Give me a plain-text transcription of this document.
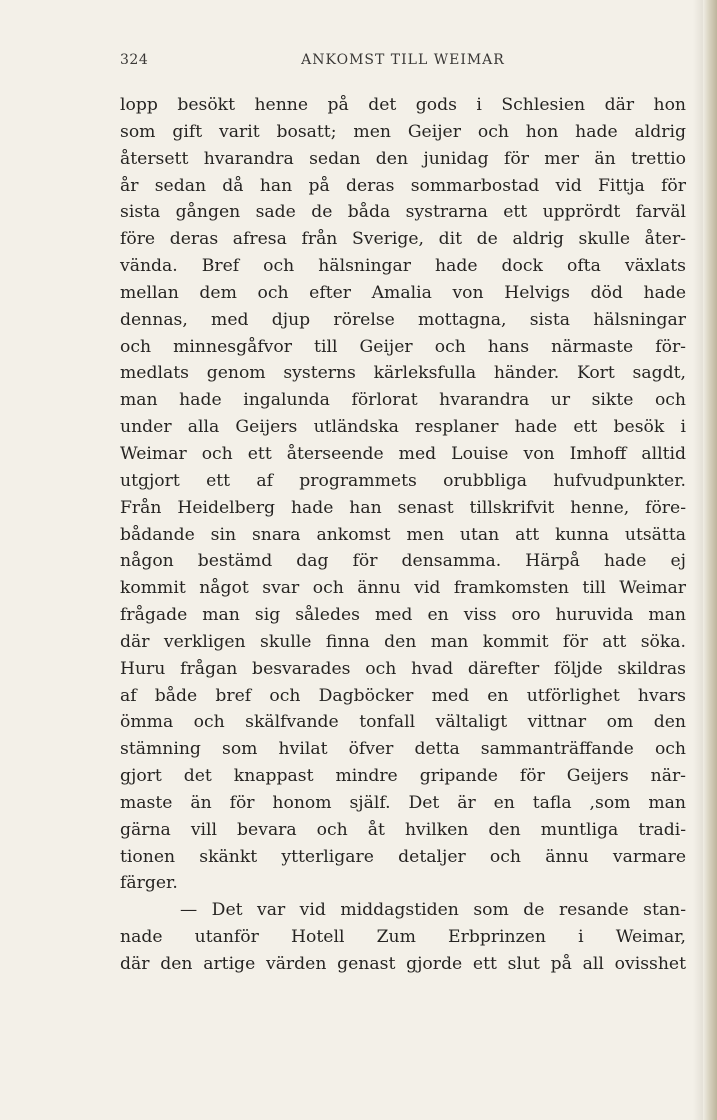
ANKOMST TILL WEIMAR
324
lopp besökt henne på det gods i Schlesien där hon
som gift varit bosatt; men Geijer och hon hade aldrig
återsett hvarandra sedan den junidag för mer än trettio
år sedan då han på deras sommarbostad vid Fittja för
sista gången sade de båda systrarna ett upprördt farväl
före deras afresa från Sverige, dit de aldrig skulle åter-
vända. Bref och hälsningar hade dock ofta växlats
mellan dem och efter Amalia von Helvigs död hade
dennas, med djup rörelse mottagna, sista hälsningar
och minnesgåfvor till Geijer och hans närmaste för-
medlats genom systerns kärleksfulla händer. Kort sagdt,
man hade ingalunda förlorat hvarandra ur sikte och
under alla Geijers utländska resplaner hade ett besök i
Weimar och ett återseende med Louise von Imhoff alltid
utgjort ett af programmets orubbliga hufvudpunkter.
Från Heidelberg hade han senast tillskrifvit henne, före-
bådande sin snara ankomst men utan att kunna utsätta
någon bestämd dag för densamma. Härpå hade ej
kommit något svar och ännu vid framkomsten till Weimar
frågade man sig således med en viss oro huruvida man
där verkligen skulle finna den man kommit för att söka.
Huru frågan besvarades och hvad därefter följde skildras
af både bref och Dagböcker med en utförlighet hvars
ömma och skälfvande tonfall vältaligt vittnar om den
stämning som hvilat öfver detta sammanträffande och
gjort det knappast mindre gripande för Geijers när-
maste än för honom själf. Det är en tafla ,som man
gärna vill bevara och åt hvilken den muntliga tradi-
tionen skänkt ytterligare detaljer och ännu varmare
färger.
— Det var vid middagstiden som de resande stan-
nade utanför Hotell Zum Erbprinzen i Weimar,
där den artige värden genast gjorde ett slut på all ovisshet
